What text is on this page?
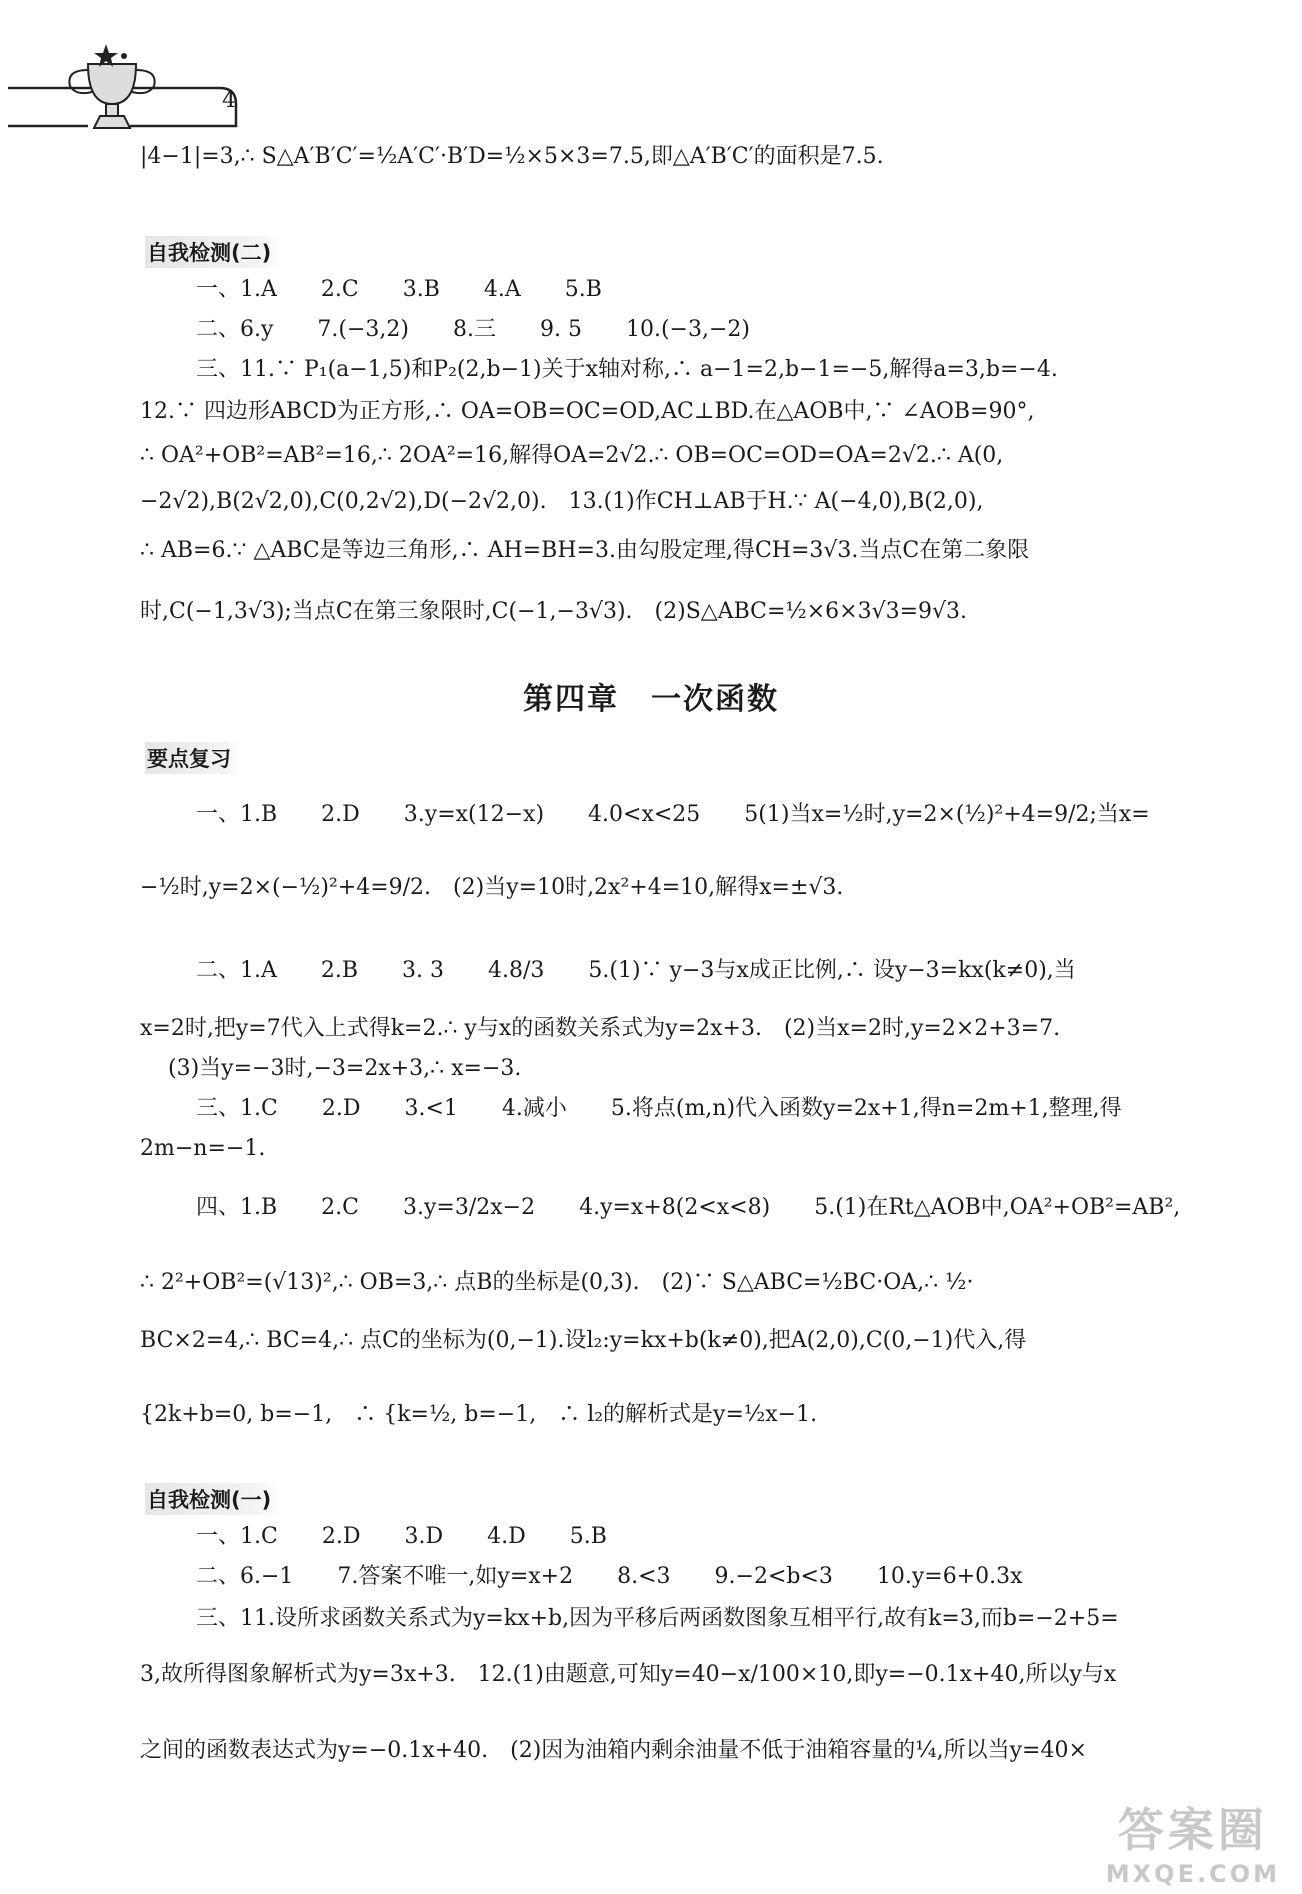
4
|4−1|=3,∴ S△A′B′C′=½A′C′·B′D=½×5×3=7.5,即△A′B′C′的面积是7.5.
自我检测(二)
一、1.A　　2.C　　3.B　　4.A　　5.B
二、6.y　　7.(−3,2)　　8.三　　9. 5　　10.(−3,−2)
三、11.∵ P₁(a−1,5)和P₂(2,b−1)关于x轴对称,∴ a−1=2,b−1=−5,解得a=3,b=−4.
12.∵ 四边形ABCD为正方形,∴ OA=OB=OC=OD,AC⊥BD.在△AOB中,∵ ∠AOB=90°,
∴ OA²+OB²=AB²=16,∴ 2OA²=16,解得OA=2√2.∴ OB=OC=OD=OA=2√2.∴ A(0,
−2√2),B(2√2,0),C(0,2√2),D(−2√2,0).　13.(1)作CH⊥AB于H.∵ A(−4,0),B(2,0),
∴ AB=6.∵ △ABC是等边三角形,∴ AH=BH=3.由勾股定理,得CH=3√3.当点C在第二象限
时,C(−1,3√3);当点C在第三象限时,C(−1,−3√3).　(2)S△ABC=½×6×3√3=9√3.
第四章　一次函数
要点复习
一、1.B　　2.D　　3.y=x(12−x)　　4.0<x<25　　5(1)当x=½时,y=2×(½)²+4=9/2;当x=
−½时,y=2×(−½)²+4=9/2.　(2)当y=10时,2x²+4=10,解得x=±√3.
二、1.A　　2.B　　3. 3　　4.8/3　　5.(1)∵ y−3与x成正比例,∴ 设y−3=kx(k≠0),当
x=2时,把y=7代入上式得k=2.∴ y与x的函数关系式为y=2x+3.　(2)当x=2时,y=2×2+3=7.
(3)当y=−3时,−3=2x+3,∴ x=−3.
三、1.C　　2.D　　3.<1　　4.减小　　5.将点(m,n)代入函数y=2x+1,得n=2m+1,整理,得
2m−n=−1.
四、1.B　　2.C　　3.y=3/2x−2　　4.y=x+8(2<x<8)　　5.(1)在Rt△AOB中,OA²+OB²=AB²,
∴ 2²+OB²=(√13)²,∴ OB=3,∴ 点B的坐标是(0,3).　(2)∵ S△ABC=½BC·OA,∴ ½·
BC×2=4,∴ BC=4,∴ 点C的坐标为(0,−1).设l₂:y=kx+b(k≠0),把A(2,0),C(0,−1)代入,得
{2k+b=0, b=−1,　∴ {k=½, b=−1,　∴ l₂的解析式是y=½x−1.
自我检测(一)
一、1.C　　2.D　　3.D　　4.D　　5.B
二、6.−1　　7.答案不唯一,如y=x+2　　8.<3　　9.−2<b<3　　10.y=6+0.3x
三、11.设所求函数关系式为y=kx+b,因为平移后两函数图象互相平行,故有k=3,而b=−2+5=
3,故所得图象解析式为y=3x+3.　12.(1)由题意,可知y=40−x/100×10,即y=−0.1x+40,所以y与x
之间的函数表达式为y=−0.1x+40.　(2)因为油箱内剩余油量不低于油箱容量的¼,所以当y=40×
答案圈
MXQE.COM
